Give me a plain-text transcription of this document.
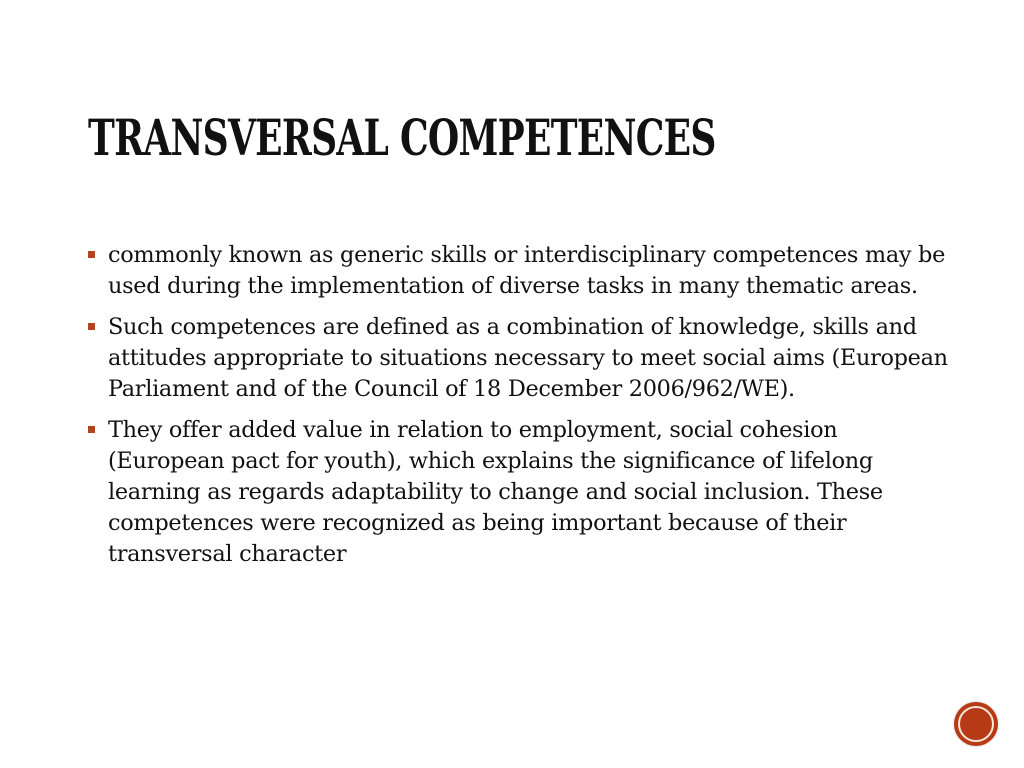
TRANSVERSAL COMPETENCES
commonly known as generic skills or interdisciplinary competences may be used during the implementation of diverse tasks in many thematic areas.
Such competences are defined as a combination of knowledge, skills and attitudes appropriate to situations necessary to meet social aims (European Parliament and of the Council of 18 December 2006/962/WE).
They offer added value in relation to employment, social cohesion (European pact for youth), which explains the significance of lifelong learning as regards adaptability to change and social inclusion. These competences were recognized as being important because of their transversal character
